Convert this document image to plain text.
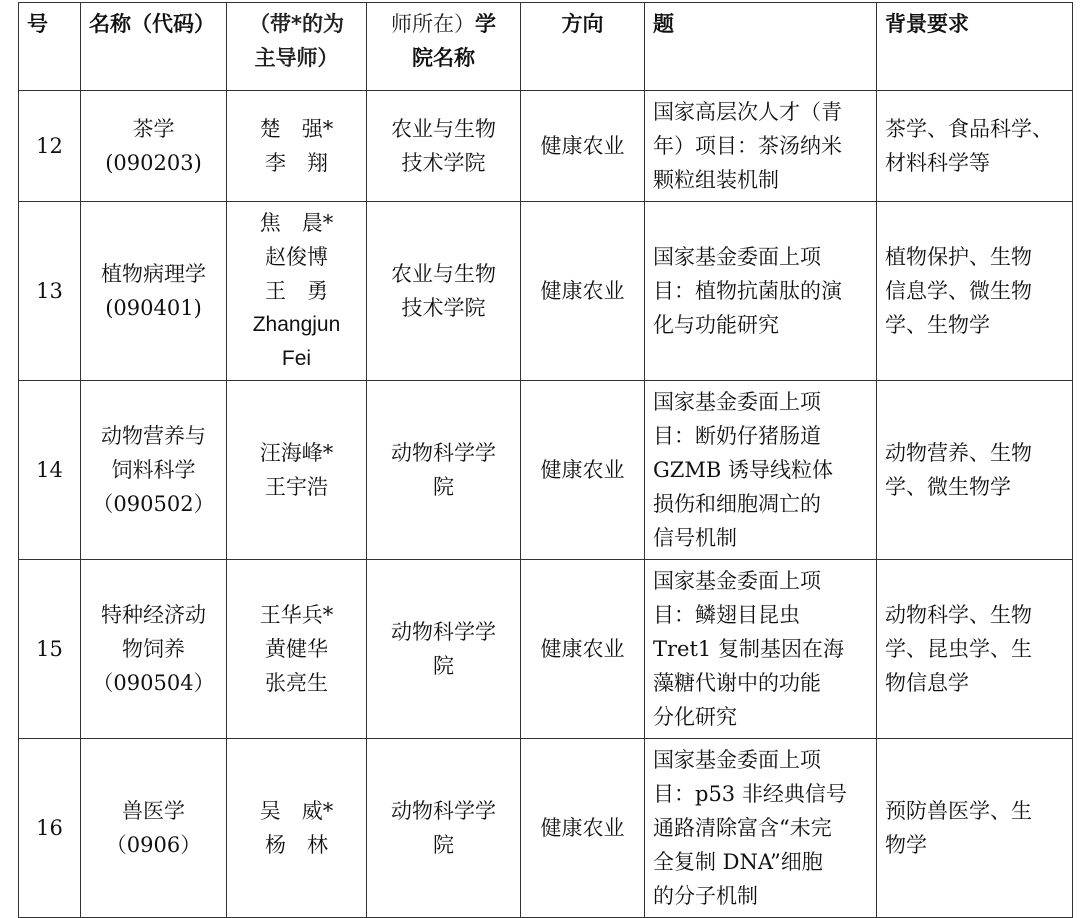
号	名称（代码）	（带*的为
主导师）	师所在）学
院名称	方向	题	背景要求
12	茶学
(090203)	楚　强*
李　翔	农业与生物
技术学院	健康农业	国家高层次人才（青
年）项目：茶汤纳米
颗粒组装机制	茶学、食品科学、
材料科学等

13	植物病理学
(090401)	焦　晨*
赵俊博
王　勇
Zhangjun
Fei	农业与生物
技术学院	健康农业	国家基金委面上项
目：植物抗菌肽的演
化与功能研究	植物保护、生物
信息学、微生物
学、生物学

14	动物营养与
饲料科学
（090502）	汪海峰*
王宇浩	动物科学学
院	健康农业	国家基金委面上项
目：断奶仔猪肠道
GZMB 诱导线粒体
损伤和细胞凋亡的
信号机制	动物营养、生物
学、微生物学

15	特种经济动
物饲养
（090504）	王华兵*
黄健华
张亮生	动物科学学
院	健康农业	国家基金委面上项
目：鳞翅目昆虫
Tret1 复制基因在海
藻糖代谢中的功能
分化研究	动物科学、生物
学、昆虫学、生
物信息学

16	兽医学
（0906）	吴　威*
杨　林	动物科学学
院	健康农业	国家基金委面上项
目：p53 非经典信号
通路清除富含“未完
全复制 DNA”细胞
的分子机制	预防兽医学、生
物学
